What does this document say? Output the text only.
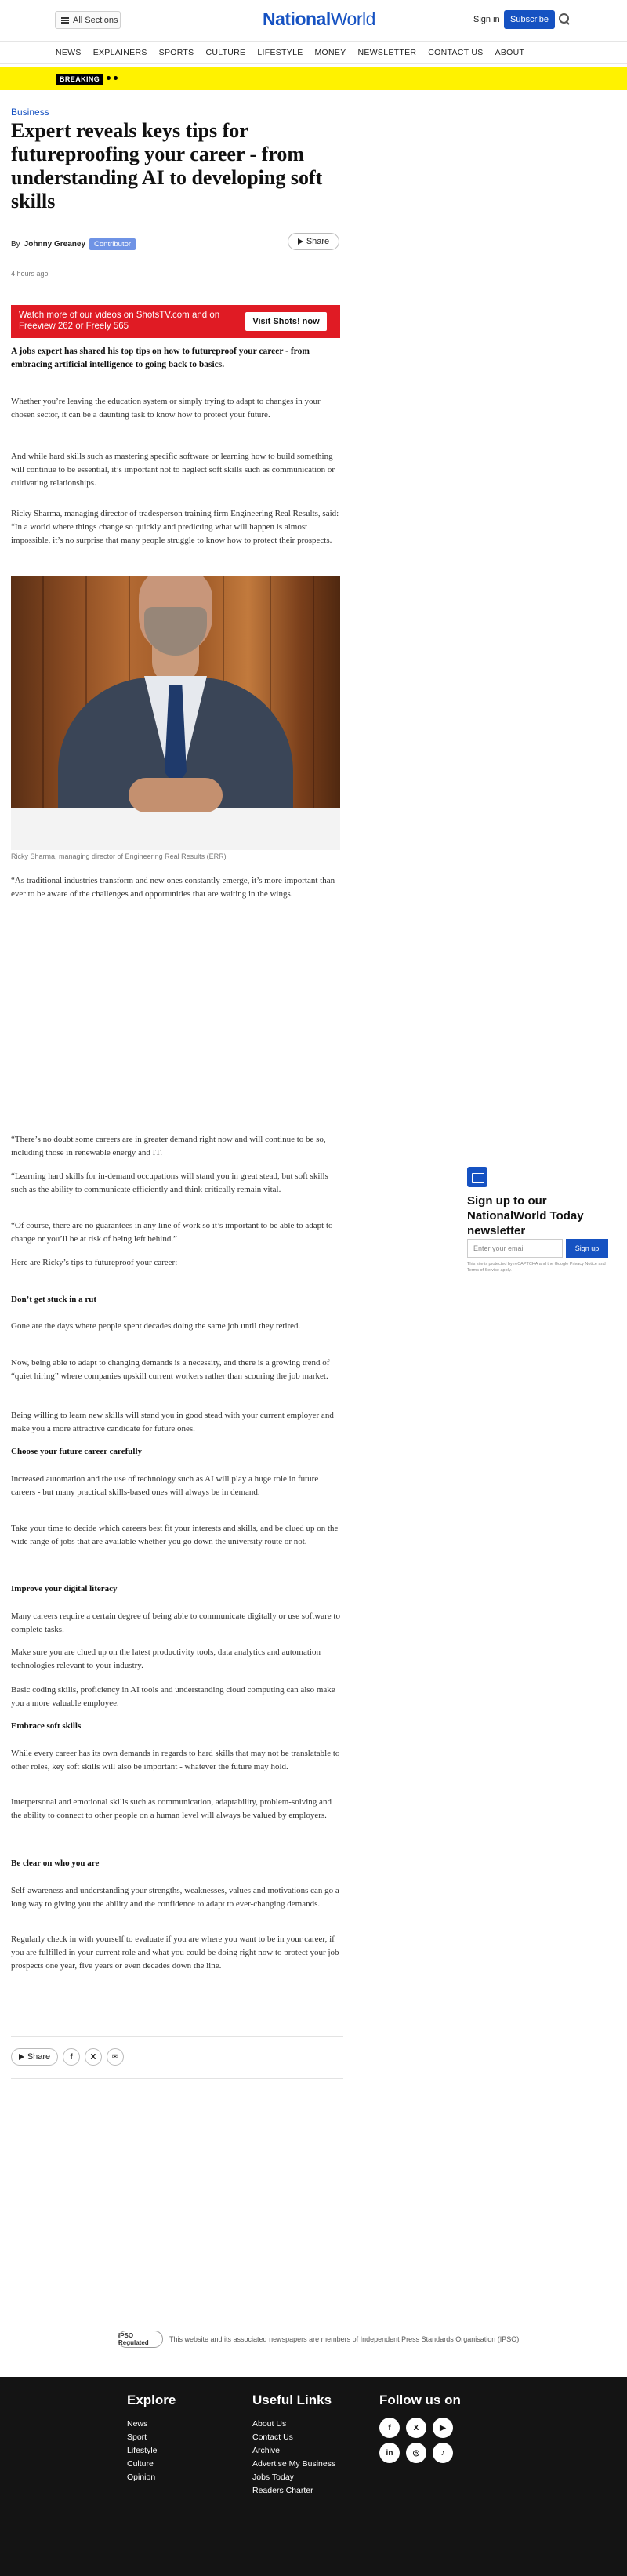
All Sections	NationalWorld	Sign in	Subscribe
NEWS EXPLAINERS SPORTS CULTURE LIFESTYLE MONEY NEWSLETTER CONTACT US ABOUT
BREAKING
Business
Expert reveals keys tips for futureproofing your career - from understanding AI to developing soft skills
By Johnny Greaney	Contributor	Share
4 hours ago
Watch more of our videos on ShotsTV.com and on Freeview 262 or Freely 565	Visit Shots! now

A jobs expert has shared his top tips on how to futureproof your career - from embracing artificial intelligence to going back to basics.

Whether you’re leaving the education system or simply trying to adapt to changes in your chosen sector, it can be a daunting task to know how to protect your future.

And while hard skills such as mastering specific software or learning how to build something will continue to be essential, it’s important not to neglect soft skills such as communication or cultivating relationships.

Ricky Sharma, managing director of tradesperson training firm Engineering Real Results, said: “In a world where things change so quickly and predicting what will happen is almost impossible, it’s no surprise that many people struggle to know how to protect their prospects.

Ricky Sharma, managing director of Engineering Real Results (ERR)

“As traditional industries transform and new ones constantly emerge, it’s more important than ever to be aware of the challenges and opportunities that are waiting in the wings.

“There’s no doubt some careers are in greater demand right now and will continue to be so, including those in renewable energy and IT.

“Learning hard skills for in-demand occupations will stand you in great stead, but soft skills such as the ability to communicate efficiently and think critically remain vital.

“Of course, there are no guarantees in any line of work so it’s important to be able to adapt to change or you’ll be at risk of being left behind.”

Here are Ricky’s tips to futureproof your career:

Don’t get stuck in a rut

Gone are the days where people spent decades doing the same job until they retired.

Now, being able to adapt to changing demands is a necessity, and there is a growing trend of “quiet hiring” where companies upskill current workers rather than scouring the job market.

Being willing to learn new skills will stand you in good stead with your current employer and make you a more attractive candidate for future ones.

Choose your future career carefully

Increased automation and the use of technology such as AI will play a huge role in future careers - but many practical skills-based ones will always be in demand.

Take your time to decide which careers best fit your interests and skills, and be clued up on the wide range of jobs that are available whether you go down the university route or not.

Improve your digital literacy

Many careers require a certain degree of being able to communicate digitally or use software to complete tasks.

Make sure you are clued up on the latest productivity tools, data analytics and automation technologies relevant to your industry.

Basic coding skills, proficiency in AI tools and understanding cloud computing can also make you a more valuable employee.

Embrace soft skills

While every career has its own demands in regards to hard skills that may not be translatable to other roles, key soft skills will also be important - whatever the future may hold.

Interpersonal and emotional skills such as communication, adaptability, problem-solving and the ability to connect to other people on a human level will always be valued by employers.

Be clear on who you are

Self-awareness and understanding your strengths, weaknesses, values and motivations can go a long way to giving you the ability and the confidence to adapt to ever-changing demands.

Regularly check in with yourself to evaluate if you are where you want to be in your career, if you are fulfilled in your current role and what you could be doing right now to protect your job prospects one year, five years or even decades down the line.

Sign up to our NationalWorld Today newsletter
Enter your email	Sign up
This site is protected by reCAPTCHA and the Google Privacy Notice and Terms of Service apply.
Share	f	X	✉
IPSO Regulated	This website and its associated newspapers are members of Independent Press Standards Organisation (IPSO)
Explore
News
Sport
Lifestyle
Culture
Opinion
Useful Links
About Us
Contact Us
Archive
Advertise My Business
Jobs Today
Readers Charter
Follow us on
f	X	▶
in	◎	♪
